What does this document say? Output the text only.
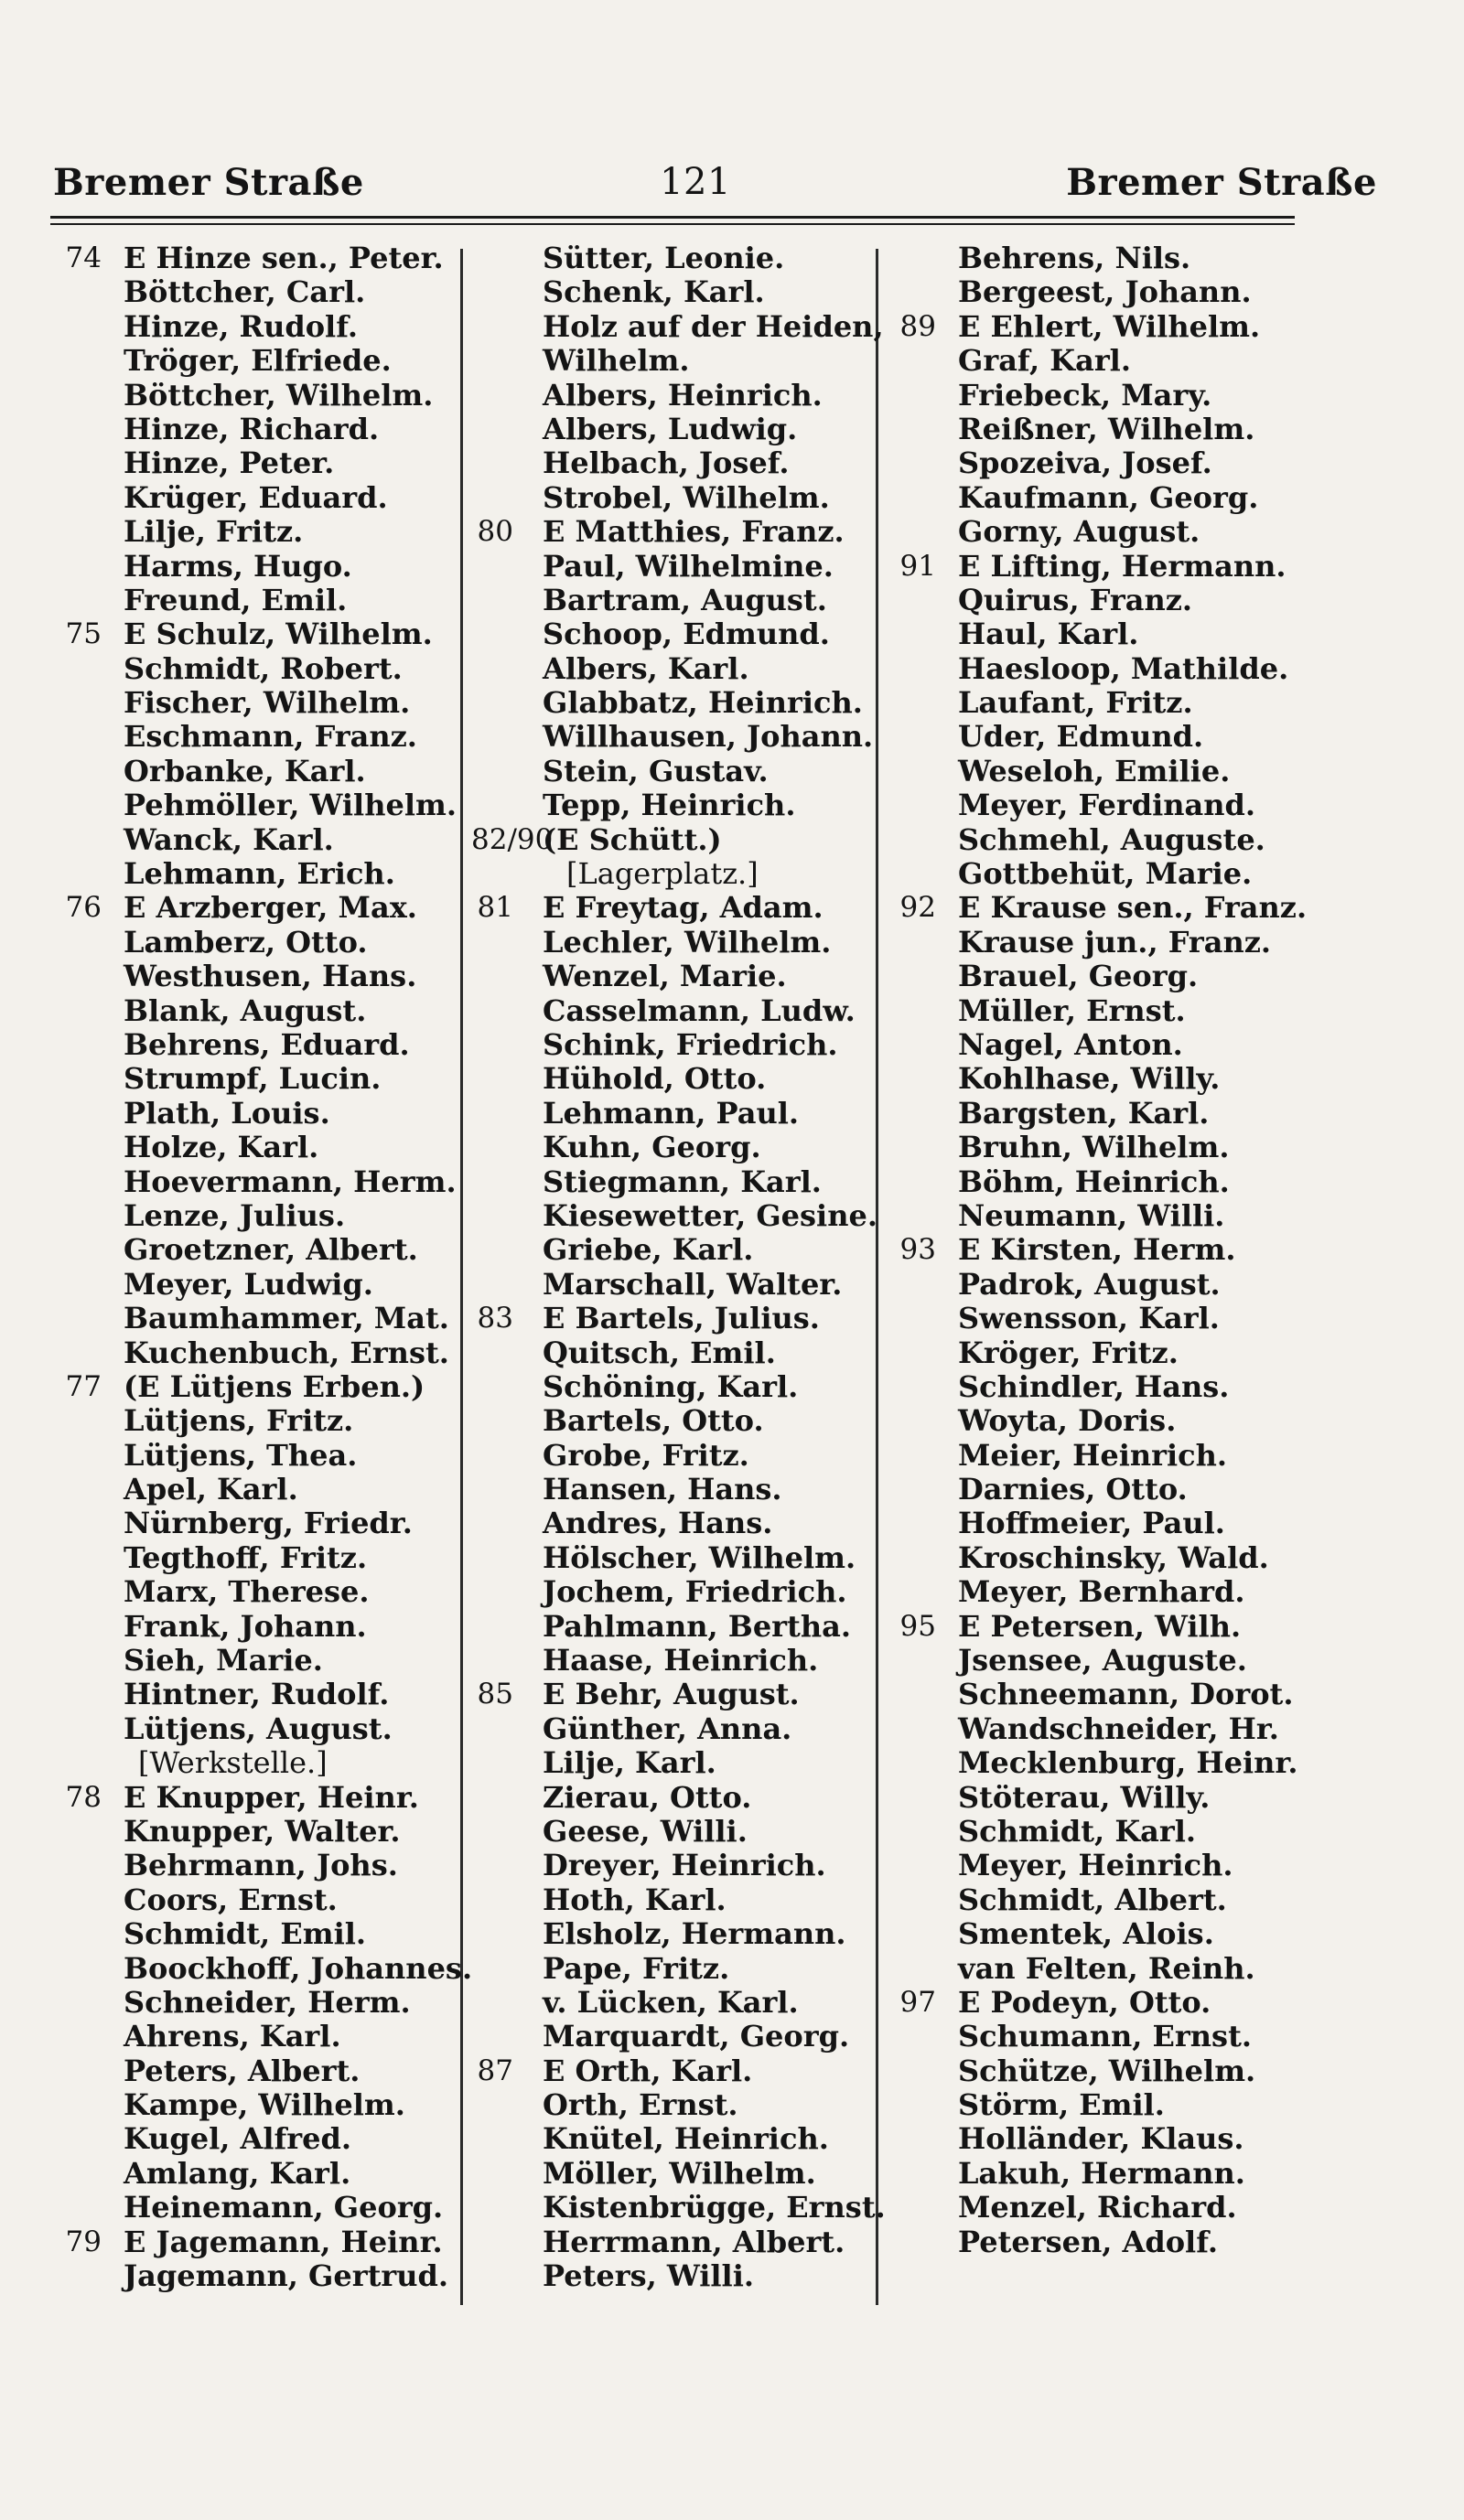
Bremer Straße	121	Bremer Straße
74 E Hinze sen., Peter.
Böttcher, Carl.
Hinze, Rudolf.
Tröger, Elfriede.
Böttcher, Wilhelm.
Hinze, Richard.
Hinze, Peter.
Krüger, Eduard.
Lilje, Fritz.
Harms, Hugo.
Freund, Emil.
75 E Schulz, Wilhelm.
Schmidt, Robert.
Fischer, Wilhelm.
Eschmann, Franz.
Orbanke, Karl.
Pehmöller, Wilhelm.
Wanck, Karl.
Lehmann, Erich.
76 E Arzberger, Max.
Lamberz, Otto.
Westhusen, Hans.
Blank, August.
Behrens, Eduard.
Strumpf, Lucin.
Plath, Louis.
Holze, Karl.
Hoevermann, Herm.
Lenze, Julius.
Groetzner, Albert.
Meyer, Ludwig.
Baumhammer, Mat.
Kuchenbuch, Ernst.
77 (E Lütjens Erben.)
Lütjens, Fritz.
Lütjens, Thea.
Apel, Karl.
Nürnberg, Friedr.
Tegthoff, Fritz.
Marx, Therese.
Frank, Johann.
Sieh, Marie.
Hintner, Rudolf.
Lütjens, August.
[Werkstelle.]
78 E Knupper, Heinr.
Knupper, Walter.
Behrmann, Johs.
Coors, Ernst.
Schmidt, Emil.
Boockhoff, Johannes.
Schneider, Herm.
Ahrens, Karl.
Peters, Albert.
Kampe, Wilhelm.
Kugel, Alfred.
Amlang, Karl.
Heinemann, Georg.
79 E Jagemann, Heinr.
Jagemann, Gertrud.
Sütter, Leonie.
Schenk, Karl.
Holz auf der Heiden,
Wilhelm.
Albers, Heinrich.
Albers, Ludwig.
Helbach, Josef.
Strobel, Wilhelm.
80 E Matthies, Franz.
Paul, Wilhelmine.
Bartram, August.
Schoop, Edmund.
Albers, Karl.
Glabbatz, Heinrich.
Willhausen, Johann.
Stein, Gustav.
Tepp, Heinrich.
82/90
(E Schütt.)
[Lagerplatz.]
81 E Freytag, Adam.
Lechler, Wilhelm.
Wenzel, Marie.
Casselmann, Ludw.
Schink, Friedrich.
Hühold, Otto.
Lehmann, Paul.
Kuhn, Georg.
Stiegmann, Karl.
Kiesewetter, Gesine.
Griebe, Karl.
Marschall, Walter.
83 E Bartels, Julius.
Quitsch, Emil.
Schöning, Karl.
Bartels, Otto.
Grobe, Fritz.
Hansen, Hans.
Andres, Hans.
Hölscher, Wilhelm.
Jochem, Friedrich.
Pahlmann, Bertha.
Haase, Heinrich.
85 E Behr, August.
Günther, Anna.
Lilje, Karl.
Zierau, Otto.
Geese, Willi.
Dreyer, Heinrich.
Hoth, Karl.
Elsholz, Hermann.
Pape, Fritz.
v. Lücken, Karl.
Marquardt, Georg.
87 E Orth, Karl.
Orth, Ernst.
Knütel, Heinrich.
Möller, Wilhelm.
Kistenbrügge, Ernst.
Herrmann, Albert.
Peters, Willi.
Behrens, Nils.
Bergeest, Johann.
89 E Ehlert, Wilhelm.
Graf, Karl.
Friebeck, Mary.
Reißner, Wilhelm.
Spozeiva, Josef.
Kaufmann, Georg.
Gorny, August.
91 E Lifting, Hermann.
Quirus, Franz.
Haul, Karl.
Haesloop, Mathilde.
Laufant, Fritz.
Uder, Edmund.
Weseloh, Emilie.
Meyer, Ferdinand.
Schmehl, Auguste.
Gottbehüt, Marie.
92 E Krause sen., Franz.
Krause jun., Franz.
Brauel, Georg.
Müller, Ernst.
Nagel, Anton.
Kohlhase, Willy.
Bargsten, Karl.
Bruhn, Wilhelm.
Böhm, Heinrich.
Neumann, Willi.
93 E Kirsten, Herm.
Padrok, August.
Swensson, Karl.
Kröger, Fritz.
Schindler, Hans.
Woyta, Doris.
Meier, Heinrich.
Darnies, Otto.
Hoffmeier, Paul.
Kroschinsky, Wald.
Meyer, Bernhard.
95 E Petersen, Wilh.
Jsensee, Auguste.
Schneemann, Dorot.
Wandschneider, Hr.
Mecklenburg, Heinr.
Stöterau, Willy.
Schmidt, Karl.
Meyer, Heinrich.
Schmidt, Albert.
Smentek, Alois.
van Felten, Reinh.
97 E Podeyn, Otto.
Schumann, Ernst.
Schütze, Wilhelm.
Störm, Emil.
Holländer, Klaus.
Lakuh, Hermann.
Menzel, Richard.
Petersen, Adolf.
